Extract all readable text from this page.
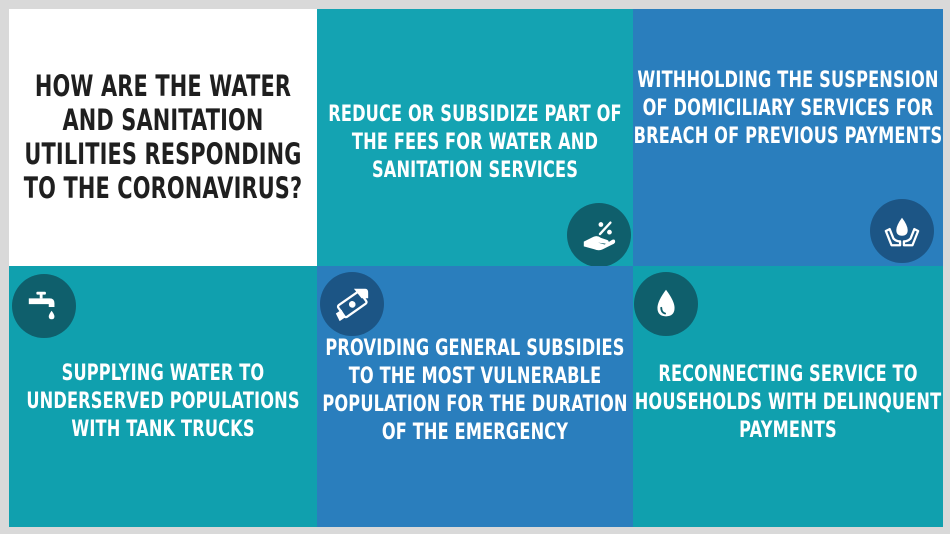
HOW ARE THE WATER AND SANITATION UTILITIES RESPONDING TO THE CORONAVIRUS?
REDUCE OR SUBSIDIZE PART OF THE FEES FOR WATER AND SANITATION SERVICES
WITHHOLDING THE SUSPENSION OF DOMICILIARY SERVICES FOR BREACH OF PREVIOUS PAYMENTS
SUPPLYING WATER TO UNDERSERVED POPULATIONS WITH TANK TRUCKS
PROVIDING GENERAL SUBSIDIES TO THE MOST VULNERABLE POPULATION FOR THE DURATION OF THE EMERGENCY
RECONNECTING SERVICE TO HOUSEHOLDS WITH DELINQUENT PAYMENTS
